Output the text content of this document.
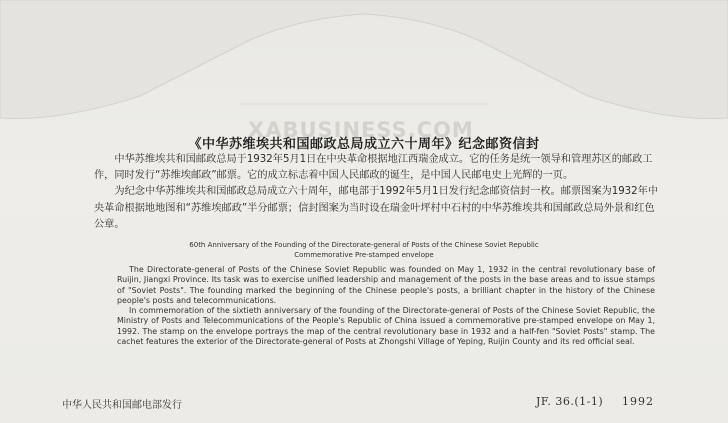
XABUSINESS.COM
《中华苏维埃共和国邮政总局成立六十周年》纪念邮资信封

中华苏维埃共和国邮政总局于1932年5月1日在中央革命根据地江西瑞金成立。它的任务是统一领导和管理苏区的邮政工作，同时发行“苏维埃邮政”邮票。它的成立标志着中国人民邮政的诞生，是中国人民邮电史上光辉的一页。

为纪念中华苏维埃共和国邮政总局成立六十周年，邮电部于1992年5月1日发行纪念邮资信封一枚。邮票图案为1932年中央革命根据地地图和“苏维埃邮政”半分邮票；信封图案为当时设在瑞金叶坪村中石村的中华苏维埃共和国邮政总局外景和红色公章。

60th Anniversary of the Founding of the Directorate-general of Posts of the Chinese Soviet Republic
Commemorative Pre-stamped envelope

The Directorate-general of Posts of the Chinese Soviet Republic was founded on May 1, 1932 in the central revolutionary base of Ruijin, Jiangxi Province. Its task was to exercise unified leadership and management of the posts in the base areas and to issue stamps of "Soviet Posts". The founding marked the beginning of the Chinese people's posts, a brilliant chapter in the history of the Chinese people's posts and telecommunications.

In commemoration of the sixtieth anniversary of the founding of the Directorate-general of Posts of the Chinese Soviet Republic, the Ministry of Posts and Telecommunications of the People's Republic of China issued a commemorative pre-stamped envelope on May 1, 1992. The stamp on the envelope portrays the map of the central revolutionary base in 1932 and a half-fen "Soviet Posts" stamp. The cachet features the exterior of the Directorate-general of Posts at Zhongshi Village of Yeping, Ruijin County and its red official seal.

中华人民共和国邮电部发行	JF. 36.(1-1) 1992
